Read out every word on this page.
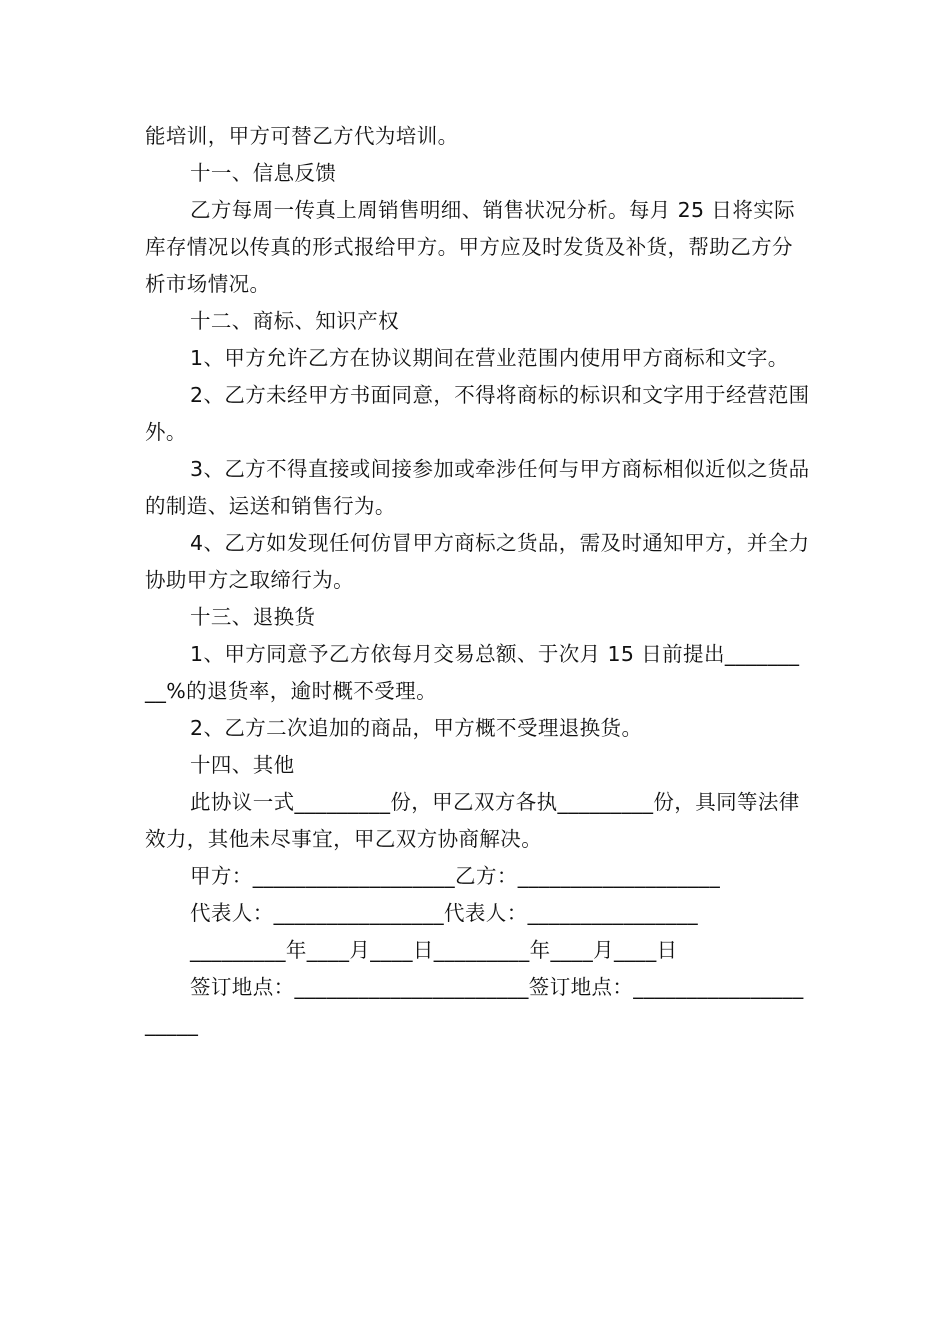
能培训，甲方可替乙方代为培训。

十一、信息反馈

乙方每周一传真上周销售明细、销售状况分析。每月 25 日将实际库存情况以传真的形式报给甲方。甲方应及时发货及补货，帮助乙方分析市场情况。

十二、商标、知识产权

1、甲方允许乙方在协议期间在营业范围内使用甲方商标和文字。

2、乙方未经甲方书面同意，不得将商标的标识和文字用于经营范围外。

3、乙方不得直接或间接参加或牵涉任何与甲方商标相似近似之货品的制造、运送和销售行为。

4、乙方如发现任何仿冒甲方商标之货品，需及时通知甲方，并全力协助甲方之取缔行为。

十三、退换货

1、甲方同意予乙方依每月交易总额、于次月 15 日前提出_________%的退货率，逾时概不受理。

2、乙方二次追加的商品，甲方概不受理退换货。

十四、其他

此协议一式_________份，甲乙双方各执_________份，具同等法律效力，其他未尽事宜，甲乙双方协商解决。

甲方：___________________乙方：___________________

代表人：________________代表人：________________

_________年____月____日_________年____月____日

签订地点：______________________签订地点：_____________________
